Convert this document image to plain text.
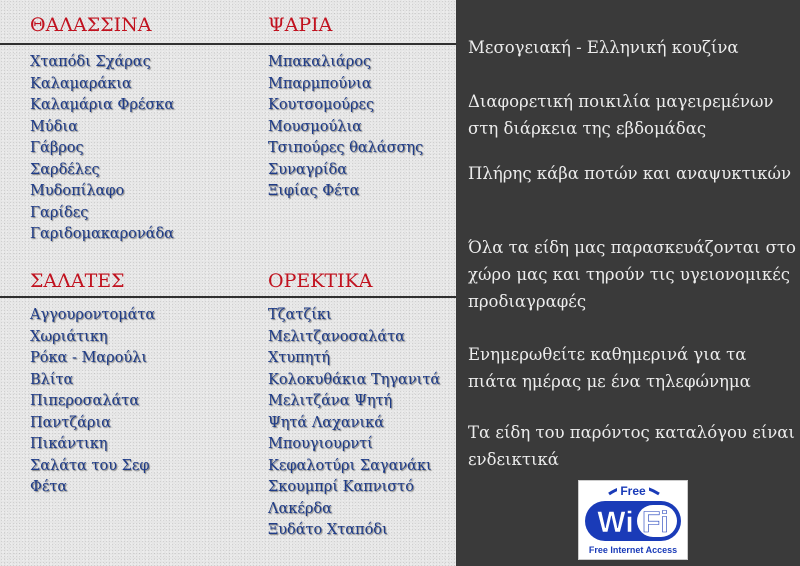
ΘΑΛΑΣΣΙΝΑ	ΨΑΡΙΑ
Χταπόδι Σχάρας
Καλαμαράκια
Καλαμάρια Φρέσκα
Μύδια
Γάβρος
Σαρδέλες
Μυδοπίλαφο
Γαρίδες
Γαριδομακαρονάδα
Μπακαλιάρος
Μπαρμπούνια
Κουτσομούρες
Μουσμούλια
Τσιπούρες θαλάσσης
Συναγρίδα
Ξιφίας Φέτα
ΣΑΛΑΤΕΣ	ΟΡΕΚΤΙΚΑ
Αγγουροντομάτα
Χωριάτικη
Ρόκα - Μαρούλι
Βλίτα
Πιπεροσαλάτα
Παντζάρια
Πικάντικη
Σαλάτα του Σεφ
Φέτα
Τζατζίκι
Μελιτζανοσαλάτα
Χτυπητή
Κολοκυθάκια Τηγανιτά
Μελιτζάνα Ψητή
Ψητά Λαχανικά
Μπουγιουρντί
Κεφαλοτύρι Σαγανάκι
Σκουμπρί Καπνιστό
Λακέρδα
Ξυδάτο Χταπόδι

Μεσογειακή - Ελληνική κουζίνα

Διαφορετική ποικιλία μαγειρεμένων στη διάρκεια της εβδομάδας

Πλήρης κάβα ποτών και αναψυκτικών

Όλα τα είδη μας παρασκευάζονται στο χώρο μας και τηρούν τις υγειονομικές προδιαγραφές

Ενημερωθείτε καθημερινά για τα πιάτα ημέρας με ένα τηλεφώνημα

Τα είδη του παρόντος καταλόγου είναι ενδεικτικά

Free
Wi Fi
Free Internet Access
